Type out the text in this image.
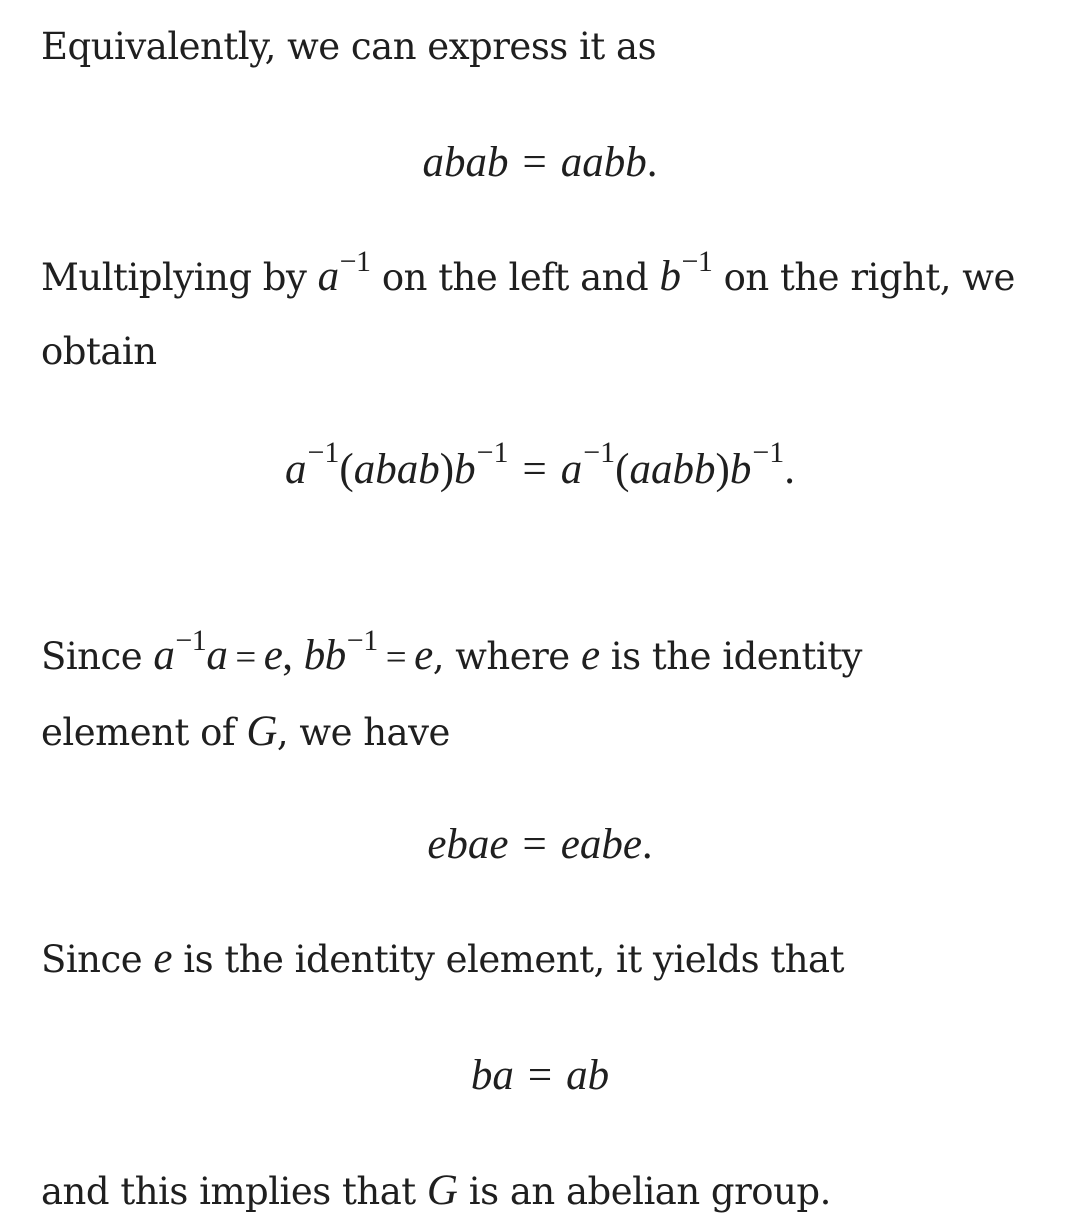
Equivalently, we can express it as
abab = aabb.
Multiplying by $a^{-1}$ on the left and $b^{-1}$ on the right, we
obtain
$a^{-1}(abab)b^{-1}$ = $a^{-1}(aabb)b^{-1}$.
Since $a^{-1}a = e$, $bb^{-1} = e$, where e is the identity
element of G, we have
ebae = eabe.
Since e is the identity element, it yields that
ba = ab
and this implies that G is an abelian group.
